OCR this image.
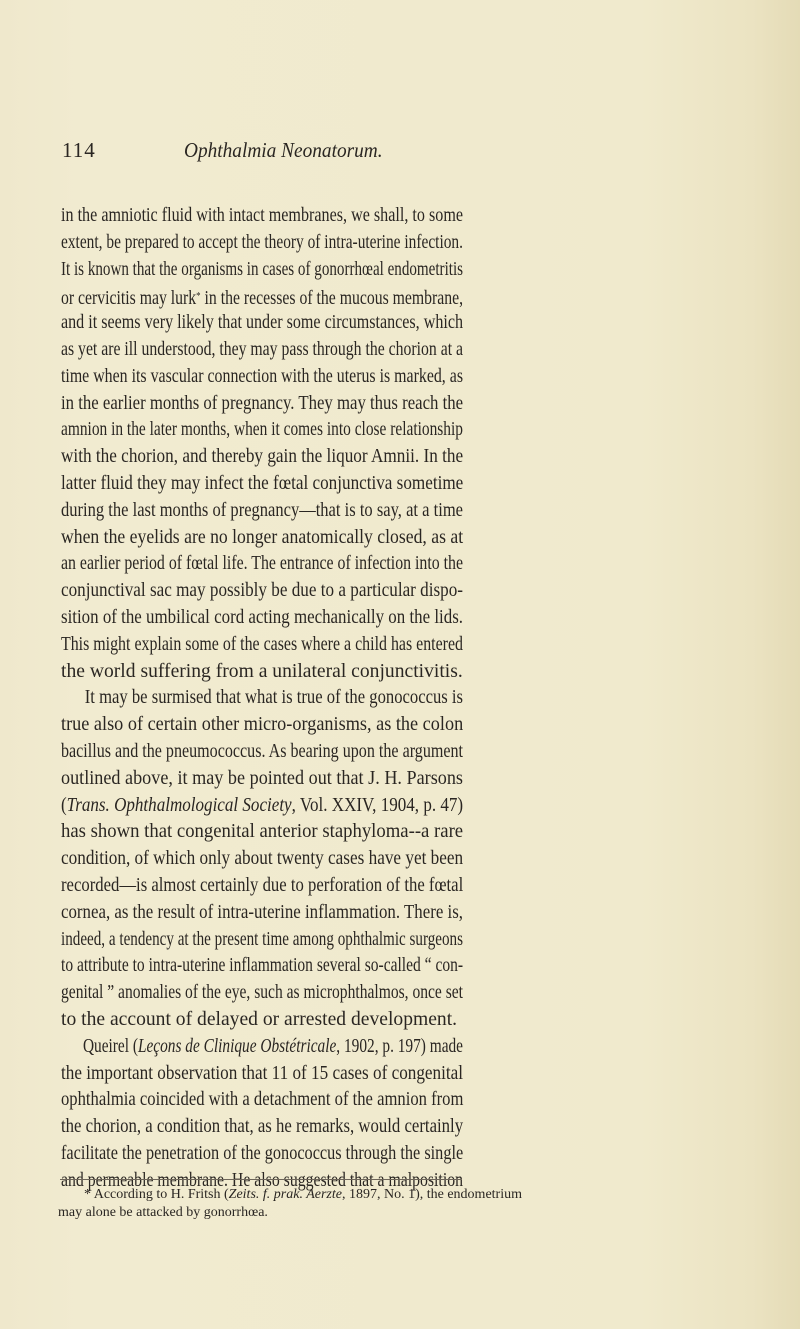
114	Ophthalmia Neonatorum.
in the amniotic fluid with intact membranes, we shall, to some
extent, be prepared to accept the theory of intra-uterine infection.
It is known that the organisms in cases of gonorrhœal endometritis
or cervicitis may lurk* in the recesses of the mucous membrane,
and it seems very likely that under some circumstances, which
as yet are ill understood, they may pass through the chorion at a
time when its vascular connection with the uterus is marked, as
in the earlier months of pregnancy. They may thus reach the
amnion in the later months, when it comes into close relationship
with the chorion, and thereby gain the liquor Amnii. In the
latter fluid they may infect the fœtal conjunctiva sometime
during the last months of pregnancy—that is to say, at a time
when the eyelids are no longer anatomically closed, as at
an earlier period of fœtal life. The entrance of infection into the
conjunctival sac may possibly be due to a particular dispo-
sition of the umbilical cord acting mechanically on the lids.
This might explain some of the cases where a child has entered
the world suffering from a unilateral conjunctivitis.
It may be surmised that what is true of the gonococcus is
true also of certain other micro-organisms, as the colon
bacillus and the pneumococcus. As bearing upon the argument
outlined above, it may be pointed out that J. H. Parsons
(Trans. Ophthalmological Society, Vol. XXIV, 1904, p. 47)
has shown that congenital anterior staphyloma--a rare
condition, of which only about twenty cases have yet been
recorded—is almost certainly due to perforation of the fœtal
cornea, as the result of intra-uterine inflammation. There is,
indeed, a tendency at the present time among ophthalmic surgeons
to attribute to intra-uterine inflammation several so-called “ con-
genital ” anomalies of the eye, such as microphthalmos, once set
to the account of delayed or arrested development.
Queirel (Leçons de Clinique Obstétricale, 1902, p. 197) made
the important observation that 11 of 15 cases of congenital
ophthalmia coincided with a detachment of the amnion from
the chorion, a condition that, as he remarks, would certainly
facilitate the penetration of the gonococcus through the single
and permeable membrane. He also suggested that a malposition
* According to H. Fritsh (Zeits. f. prak. Aerzte, 1897, No. 1), the endometrium
may alone be attacked by gonorrhœa.
